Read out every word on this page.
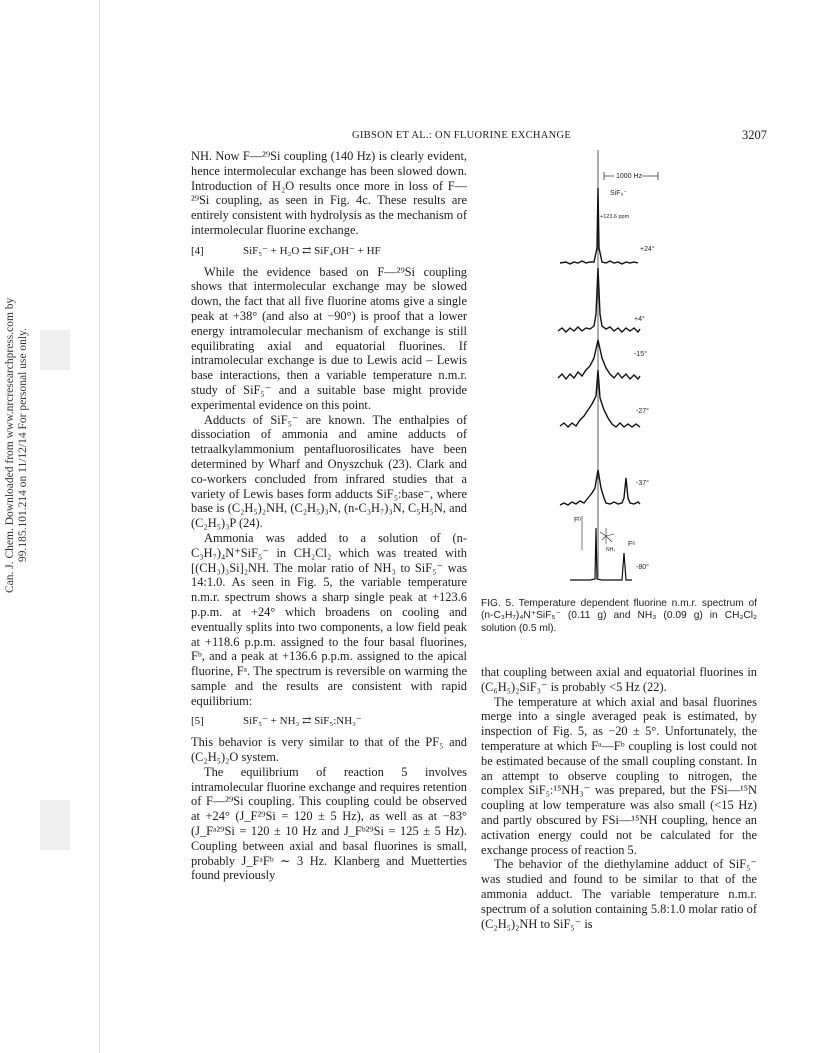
Can. J. Chem. Downloaded from www.nrcresearchpress.com by 99.185.101.214 on 11/12/14 For personal use only.
GIBSON ET AL.: ON FLUORINE EXCHANGE	3207

NH. Now F—²⁹Si coupling (140 Hz) is clearly evident, hence intermolecular exchange has been slowed down. Introduction of H₂O results once more in loss of F—²⁹Si coupling, as seen in Fig. 4c. These results are entirely consistent with hydrolysis as the mechanism of intermolecular fluorine exchange.

[4]	SiF₅⁻ + H₂O ⇄ SiF₄OH⁻ + HF

While the evidence based on F—²⁹Si coupling shows that intermolecular exchange may be slowed down, the fact that all five fluorine atoms give a single peak at +38° (and also at −90°) is proof that a lower energy intramolecular mechanism of exchange is still equilibrating axial and equatorial fluorines. If intramolecular exchange is due to Lewis acid – Lewis base interactions, then a variable temperature n.m.r. study of SiF₅⁻ and a suitable base might provide experimental evidence on this point.

Adducts of SiF₅⁻ are known. The enthalpies of dissociation of ammonia and amine adducts of tetraalkylammonium pentafluorosilicates have been determined by Wharf and Onyszchuk (23). Clark and co-workers concluded from infrared studies that a variety of Lewis bases form adducts SiF₅:base⁻, where base is (C₂H₅)₂NH, (C₂H₅)₃N, (n-C₃H₇)₃N, C₅H₅N, and (C₂H₅)₃P (24).

Ammonia was added to a solution of (n-C₃H₇)₄N⁺SiF₅⁻ in CH₂Cl₂ which was treated with [(CH₃)₃Si]₂NH. The molar ratio of NH₃ to SiF₅⁻ was 14:1.0. As seen in Fig. 5, the variable temperature n.m.r. spectrum shows a sharp single peak at +123.6 p.p.m. at +24° which broadens on cooling and eventually splits into two components, a low field peak at +118.6 p.p.m. assigned to the four basal fluorines, Fᵇ, and a peak at +136.6 p.p.m. assigned to the apical fluorine, Fᵃ. The spectrum is reversible on warming the sample and the results are consistent with rapid equilibrium:

[5]	SiF₅⁻ + NH₃ ⇄ SiF₅:NH₃⁻

This behavior is very similar to that of the PF₅ and (C₂H₅)₂O system.

The equilibrium of reaction 5 involves intramolecular fluorine exchange and requires retention of F—²⁹Si coupling. This coupling could be observed at +24° (J_F²⁹Si = 120 ± 5 Hz), as well as at −83° (J_Fᵃ²⁹Si = 120 ± 10 Hz and J_Fᵇ²⁹Si = 125 ± 5 Hz). Coupling between axial and basal fluorines is small, probably J_FᵃFᵇ ∼ 3 Hz. Klanberg and Muetterties found previously

1000 Hz
SiF₅⁻
+123.6 ppm
Fᵇ
Fᵃ
NH₃
+24°
+4°
-15°
-27°
-37°
-80°
FIG. 5. Temperature dependent fluorine n.m.r. spectrum of (n-C₃H₇)₄N⁺SiF₅⁻ (0.11 g) and NH₃ (0.09 g) in CH₂Cl₂ solution (0.5 ml).

that coupling between axial and equatorial fluorines in (C₆H₅)₂SiF₃⁻ is probably <5 Hz (22).

The temperature at which axial and basal fluorines merge into a single averaged peak is estimated, by inspection of Fig. 5, as −20 ± 5°. Unfortunately, the temperature at which Fᵃ—Fᵇ coupling is lost could not be estimated because of the small coupling constant. In an attempt to observe coupling to nitrogen, the complex SiF₅:¹⁵NH₃⁻ was prepared, but the FSi—¹⁵N coupling at low temperature was also small (<15 Hz) and partly obscured by FSi—¹⁵NH coupling, hence an activation energy could not be calculated for the exchange process of reaction 5.

The behavior of the diethylamine adduct of SiF₅⁻ was studied and found to be similar to that of the ammonia adduct. The variable temperature n.m.r. spectrum of a solution containing 5.8:1.0 molar ratio of (C₂H₅)₂NH to SiF₅⁻ is
